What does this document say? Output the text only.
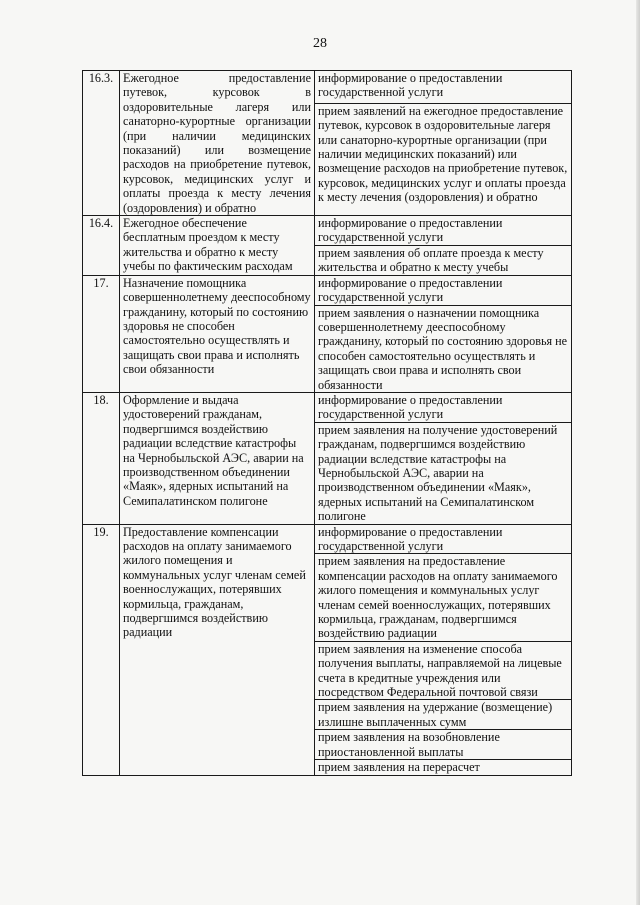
28
16.3.	Ежегодное предоставление путевок, курсовок в оздоровительные лагеря или санаторно-курортные организации (при наличии медицинских показаний) или возмещение расходов на приобретение путевок, курсовок, медицинских услуг и оплаты проезда к месту лечения (оздоровления) и обратно	информирование о предоставлении государственной услуги
		прием заявлений на ежегодное предоставление путевок, курсовок в оздоровительные лагеря или санаторно-курортные организации (при наличии медицинских показаний) или возмещение расходов на приобретение путевок, курсовок, медицинских услуг и оплаты проезда к месту лечения (оздоровления) и обратно
16.4.	Ежегодное обеспечение бесплатным проездом к месту жительства и обратно к месту учебы по фактическим расходам	информирование о предоставлении государственной услуги
		прием заявления об оплате проезда к месту жительства и обратно к месту учебы
17.	Назначение помощника совершеннолетнему дееспособному гражданину, который по состоянию здоровья не способен самостоятельно осуществлять и защищать свои права и исполнять свои обязанности	информирование о предоставлении государственной услуги
		прием заявления о назначении помощника совершеннолетнему дееспособному гражданину, который по состоянию здоровья не способен самостоятельно осуществлять и защищать свои права и исполнять свои обязанности
18.	Оформление и выдача удостоверений гражданам, подвергшимся воздействию радиации вследствие катастрофы на Чернобыльской АЭС, аварии на производственном объединении «Маяк», ядерных испытаний на Семипалатинском полигоне	информирование о предоставлении государственной услуги
		прием заявления на получение удостоверений гражданам, подвергшимся воздействию радиации вследствие катастрофы на Чернобыльской АЭС, аварии на производственном объединении «Маяк», ядерных испытаний на Семипалатинском полигоне
19.	Предоставление компенсации расходов на оплату занимаемого жилого помещения и коммунальных услуг членам семей военнослужащих, потерявших кормильца, гражданам, подвергшимся воздействию радиации	информирование о предоставлении государственной услуги
		прием заявления на предоставление компенсации расходов на оплату занимаемого жилого помещения и коммунальных услуг членам семей военнослужащих, потерявших кормильца, гражданам, подвергшимся воздействию радиации
		прием заявления на изменение способа получения выплаты, направляемой на лицевые счета в кредитные учреждения или посредством Федеральной почтовой связи
		прием заявления на удержание (возмещение) излишне выплаченных сумм
		прием заявления на возобновление приостановленной выплаты
		прием заявления на перерасчет
